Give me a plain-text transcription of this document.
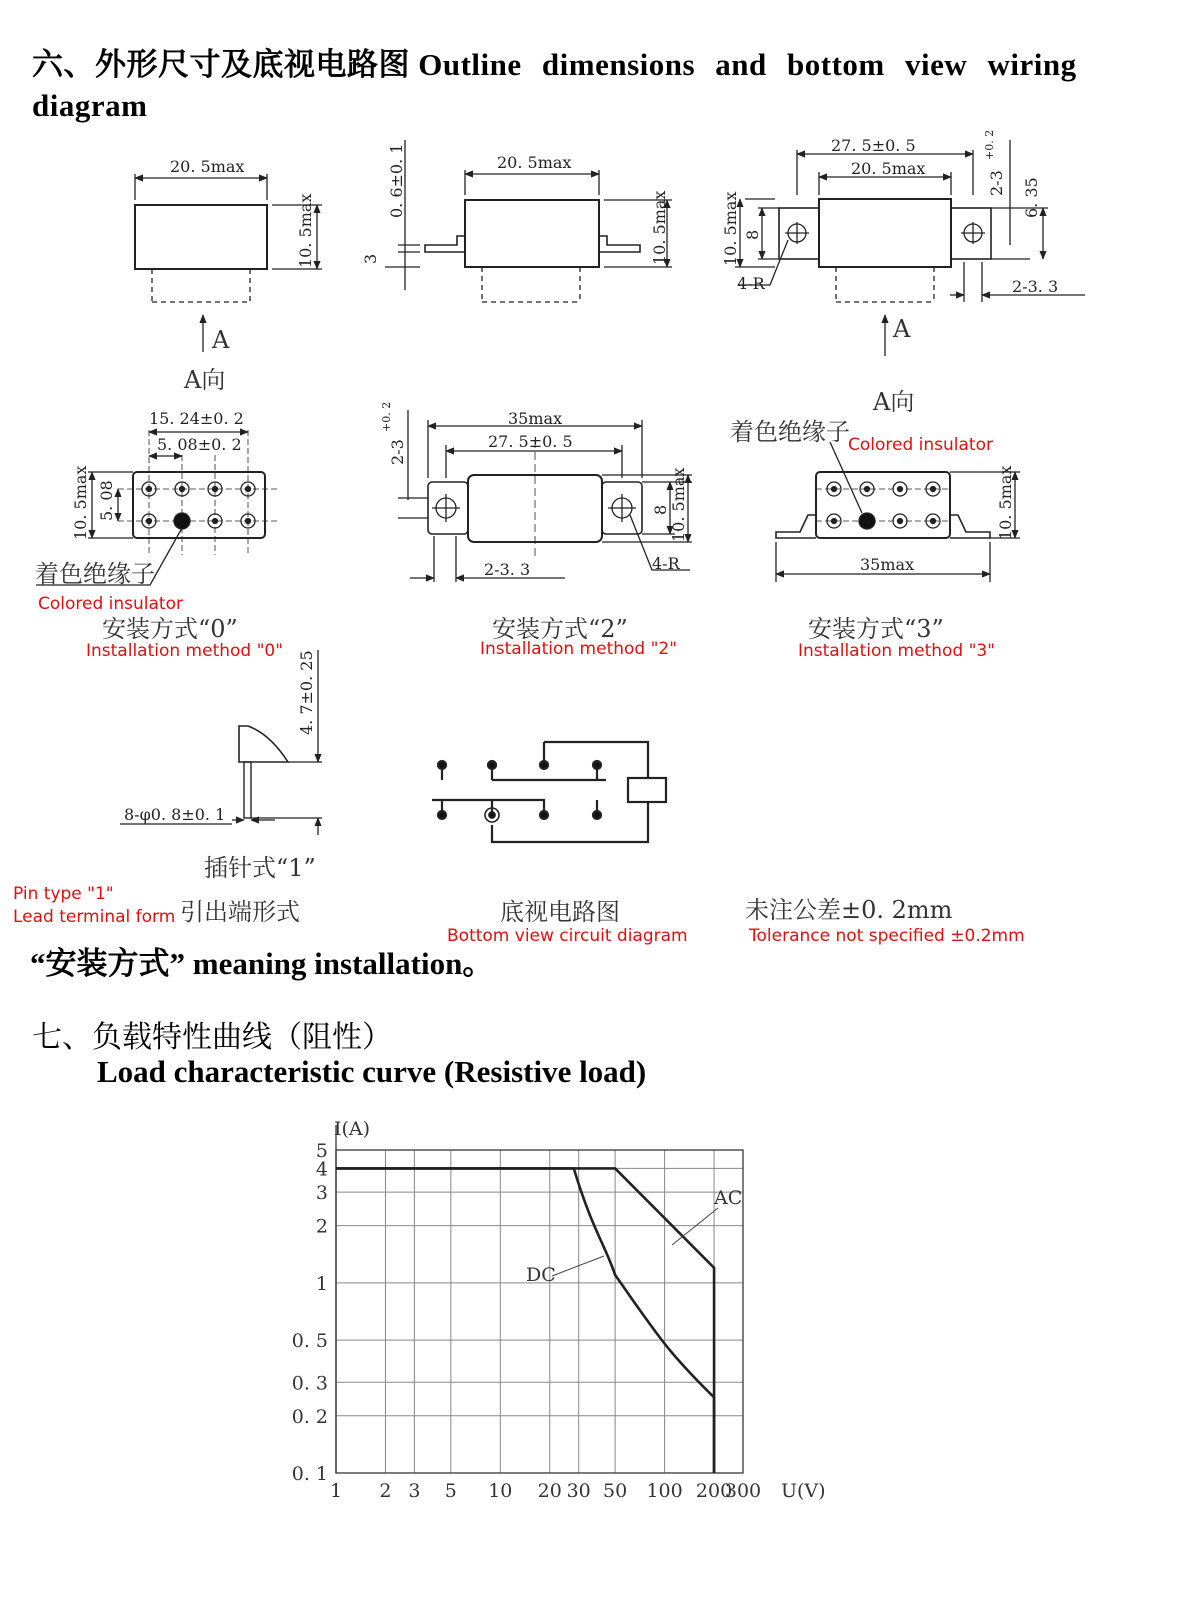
六、外形尺寸及底视电路图 Outline dimensions and bottom view wiring diagram
20. 5max
10. 5max
A
A向
20. 5max
10. 5max
0. 6±0. 1
3
27. 5±0. 5
20. 5max
6. 35
2-3
+0. 2
10. 5max 8
4-R	2-3. 3
A
A向
15. 24±0. 2
5. 08±0. 2
10. 5max 5. 08
着色绝缘子
Colored insulator
安装方式“0”
Installation method "0"
35max
27. 5±0. 5
8 10. 5max
2-3
+0. 2
2-3. 3	4-R
安装方式“2”
Installation method "2"
35max
10. 5max
着色绝缘子
Colored insulator
安装方式“3”
Installation method "3"
4. 7±0. 25
8-φ0. 8±0. 1
插针式“1”
Pin type "1"
Lead terminal form 引出端形式	底视电路图
Bottom view circuit diagram
未注公差±0. 2mm
Tolerance not specified ±0.2mm
1 2 3 5 10 20 30 50 100 200
300
0. 1
0. 2
0. 3
0. 5
1
2
3
4
5
I(A)
U(V)
AC
DC
“安装方式” meaning installation。
七、负载特性曲线（阻性）
Load characteristic curve (Resistive load)
